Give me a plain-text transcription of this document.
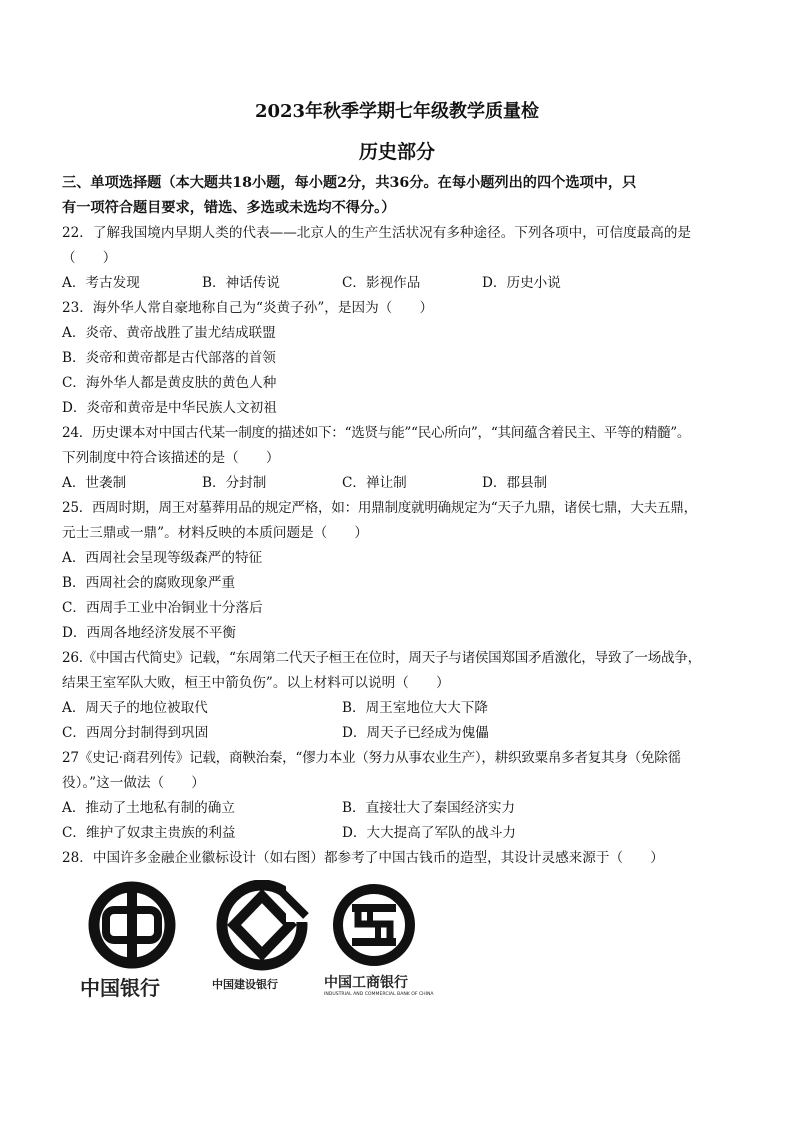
2023年秋季学期七年级教学质量检
历史部分
三、单项选择题（本大题共18小题，每小题2分，共36分。在每小题列出的四个选项中，只
有一项符合题目要求，错选、多选或未选均不得分。）
22．了解我国境内早期人类的代表——北京人的生产生活状况有多种途径。下列各项中，可信度最高的是
（　　）
A．考古发现	B．神话传说	C．影视作品	D．历史小说
23．海外华人常自豪地称自己为“炎黄子孙”，是因为（　　）
A．炎帝、黄帝战胜了蚩尤结成联盟
B．炎帝和黄帝都是古代部落的首领
C．海外华人都是黄皮肤的黄色人种
D．炎帝和黄帝是中华民族人文初祖
24．历史课本对中国古代某一制度的描述如下：“选贤与能”“民心所向”，“其间蕴含着民主、平等的精髓”。
下列制度中符合该描述的是（　　）
A．世袭制	B．分封制	C．禅让制	D．郡县制
25．西周时期，周王对墓葬用品的规定严格，如：用鼎制度就明确规定为“天子九鼎，诸侯七鼎，大夫五鼎，
元士三鼎或一鼎”。材料反映的本质问题是（　　）
A．西周社会呈现等级森严的特征
B．西周社会的腐败现象严重
C．西周手工业中冶铜业十分落后
D．西周各地经济发展不平衡
26.《中国古代简史》记载，“东周第二代天子桓王在位时，周天子与诸侯国郑国矛盾激化，导致了一场战争，
结果王室军队大败，桓王中箭负伤”。以上材料可以说明（　　）
A．周天子的地位被取代	B．周王室地位大大下降
C．西周分封制得到巩固	D．周天子已经成为傀儡
27《史记·商君列传》记载，商鞅治秦，“僇力本业（努力从事农业生产），耕织致粟帛多者复其身（免除徭
役）。”这一做法（　　）
A．推动了土地私有制的确立	B．直接壮大了秦国经济实力
C．维护了奴隶主贵族的利益	D．大大提高了军队的战斗力
28．中国许多金融企业徽标设计（如右图）都参考了中国古钱币的造型，其设计灵感来源于（　　）
中国银行	中国建设银行	中国工商银行
INDUSTRIAL AND COMMERCIAL BANK OF CHINA
